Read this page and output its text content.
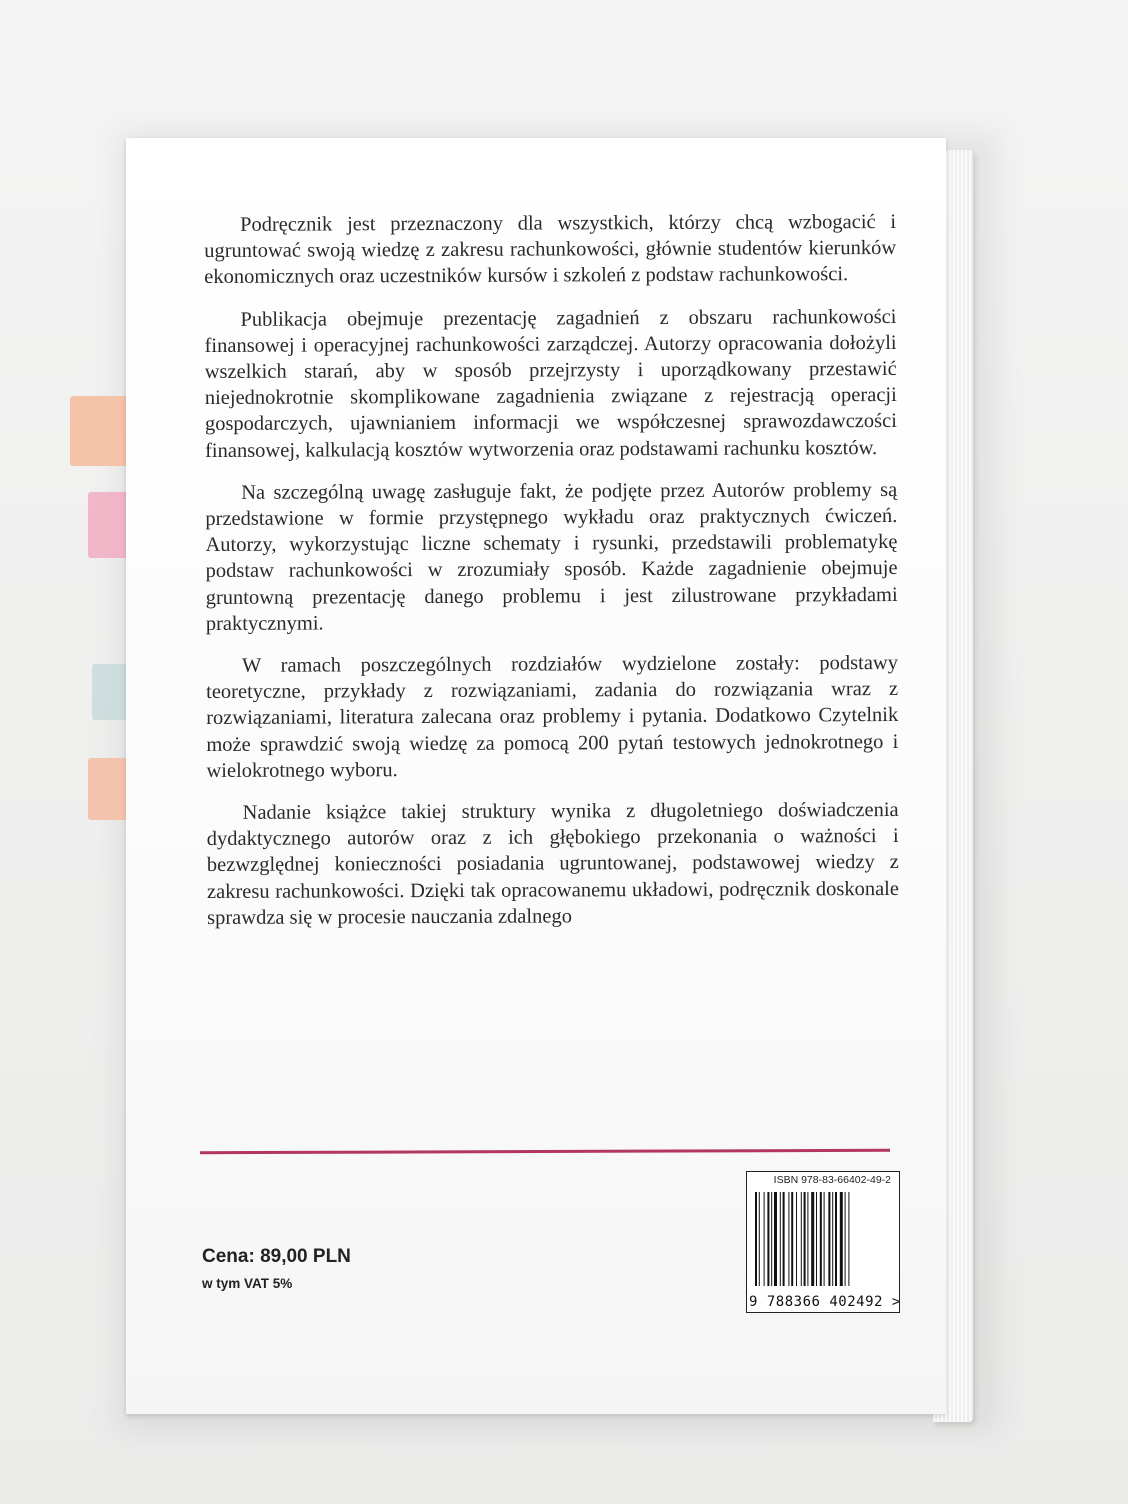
Podręcznik jest przeznaczony dla wszystkich, którzy chcą wzbogacić i ugruntować swoją wiedzę z zakresu rachunkowości, głównie studentów kierunków ekonomicznych oraz uczestników kursów i szkoleń z podstaw rachunkowości.

Publikacja obejmuje prezentację zagadnień z obszaru rachunkowości finansowej i operacyjnej rachunkowości zarządczej. Autorzy opracowania dołożyli wszelkich starań, aby w sposób przejrzysty i uporządkowany przestawić niejednokrotnie skomplikowane zagadnienia związane z rejestracją operacji gospodarczych, ujawnianiem informacji we współczesnej sprawozdawczości finansowej, kalkulacją kosztów wytworzenia oraz podstawami rachunku kosztów.

Na szczególną uwagę zasługuje fakt, że podjęte przez Autorów problemy są przedstawione w formie przystępnego wykładu oraz praktycznych ćwiczeń. Autorzy, wykorzystując liczne schematy i rysunki, przedstawili problematykę podstaw rachunkowości w zrozumiały sposób. Każde zagadnienie obejmuje gruntowną prezentację danego problemu i jest zilustrowane przykładami praktycznymi.

W ramach poszczególnych rozdziałów wydzielone zostały: podstawy teoretyczne, przykłady z rozwiązaniami, zadania do rozwiązania wraz z rozwiązaniami, literatura zalecana oraz problemy i pytania. Dodatkowo Czytelnik może sprawdzić swoją wiedzę za pomocą 200 pytań testowych jednokrotnego i wielokrotnego wyboru.

Nadanie książce takiej struktury wynika z długoletniego doświadczenia dydaktycznego autorów oraz z ich głębokiego przekonania o ważności i bezwzględnej konieczności posiadania ugruntowanej, podstawowej wiedzy z zakresu rachunkowości. Dzięki tak opracowanemu układowi, podręcznik doskonale sprawdza się w procesie nauczania zdalnego

ISBN 978-83-66402-49-2
9 788366 402492 >
Cena: 89,00 PLN
w tym VAT 5%
